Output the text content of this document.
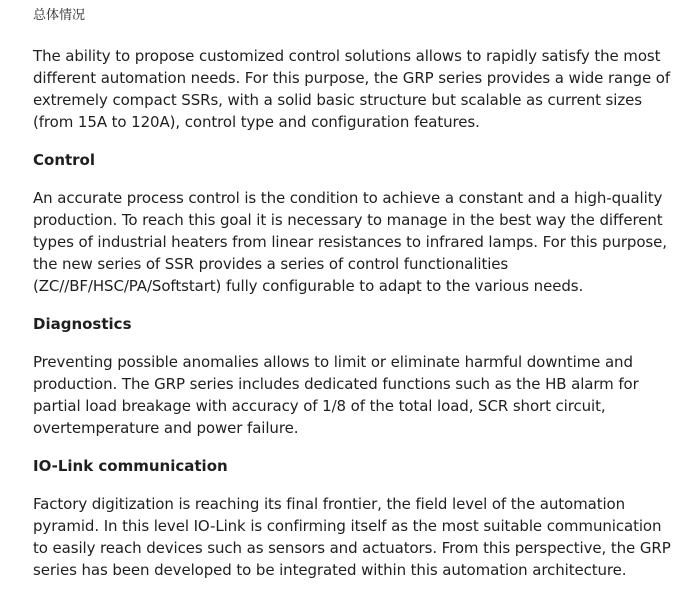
总体情况

The ability to propose customized control solutions allows to rapidly satisfy the most different automation needs. For this purpose, the GRP series provides a wide range of extremely compact SSRs, with a solid basic structure but scalable as current sizes (from 15A to 120A), control type and configuration features.

Control

An accurate process control is the condition to achieve a constant and a high-quality production. To reach this goal it is necessary to manage in the best way the different types of industrial heaters from linear resistances to infrared lamps. For this purpose, the new series of SSR provides a series of control functionalities (ZC//BF/HSC/PA/Softstart) fully configurable to adapt to the various needs.

Diagnostics

Preventing possible anomalies allows to limit or eliminate harmful downtime and production. The GRP series includes dedicated functions such as the HB alarm for partial load breakage with accuracy of 1/8 of the total load, SCR short circuit, overtemperature and power failure.

IO-Link communication

Factory digitization is reaching its final frontier, the field level of the automation pyramid. In this level IO-Link is confirming itself as the most suitable communication to easily reach devices such as sensors and actuators. From this perspective, the GRP series has been developed to be integrated within this automation architecture.
